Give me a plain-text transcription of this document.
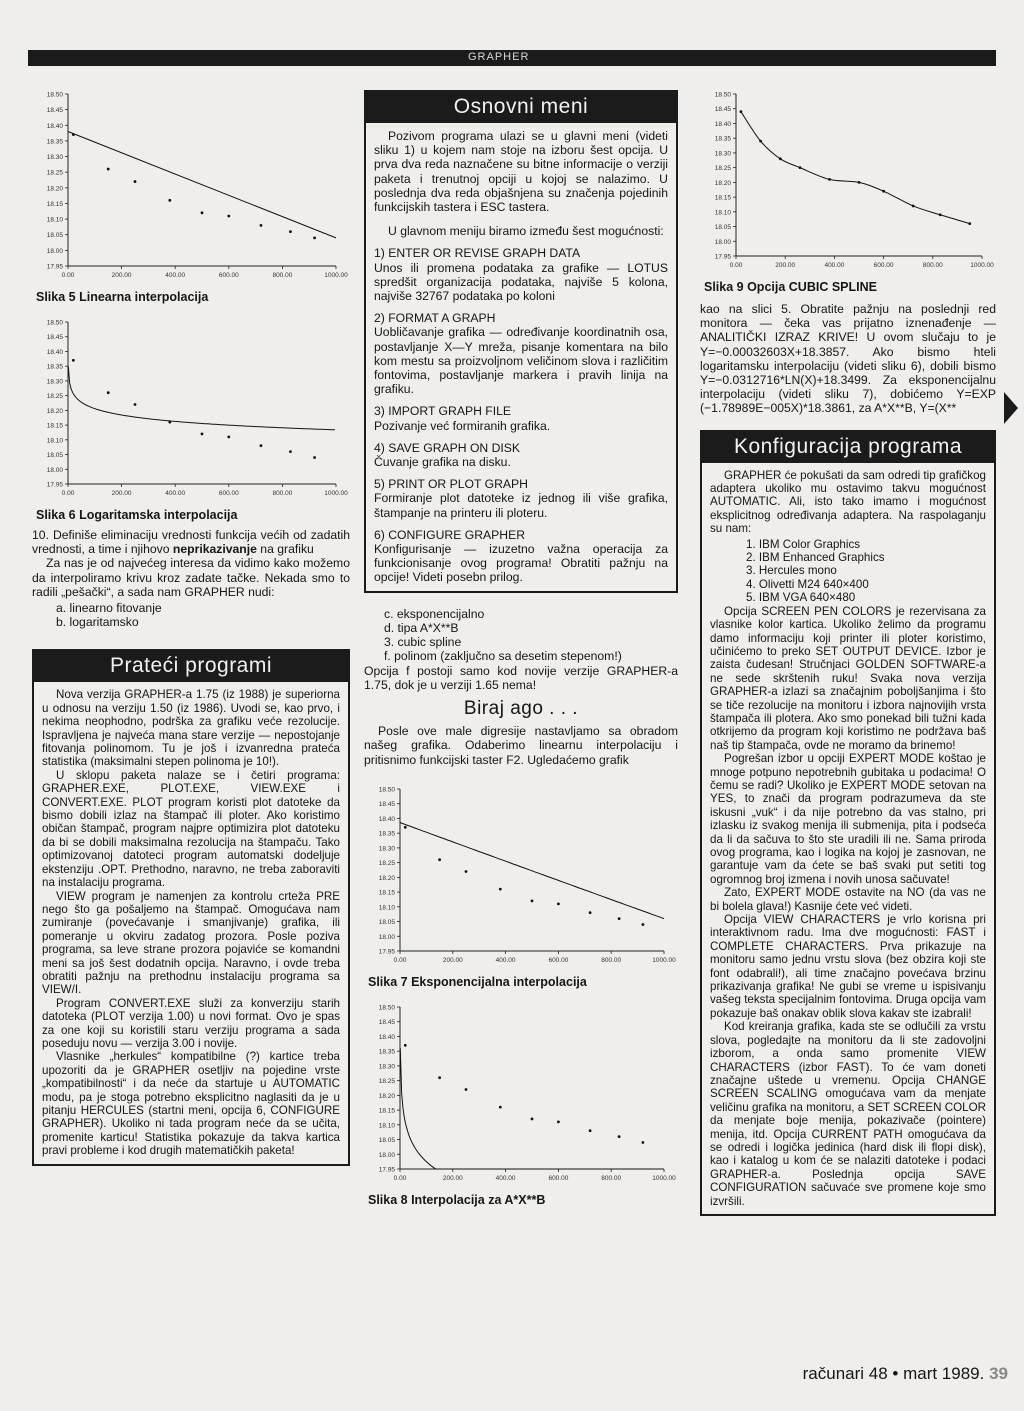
GRAPHER
18.50
18.45
18.40
18.35
18.30
18.25
18.20
18.15
18.10
18.05
18.00
17.95
0.00	200.00	400.00	600.00	800.00	1000.00
Slika 5 Linearna interpolacija
18.50
18.45
18.40
18.35
18.30
18.25
18.20
18.15
18.10
18.05
18.00
17.95
0.00	200.00	400.00	600.00	800.00	1000.00
Slika 6 Logaritamska interpolacija

10. Definiše eliminaciju vrednosti funkcija većih od zadatih vrednosti, a time i njihovo neprikazivanje na grafiku

Za nas je od najvećeg interesa da vidimo kako možemo da interpoliramo krivu kroz zadate tačke. Nekada smo to radili „pešački“, a sada nam GRAPHER nudi:

a. linearno fitovanje
b. logaritamsko
Prateći programi

Nova verzija GRAPHER-a 1.75 (iz 1988) je superiorna u odnosu na verziju 1.50 (iz 1986). Uvodi se, kao prvo, i nekima neophodno, podrška za grafiku veće rezolucije. Ispravljena je najveća mana stare verzije — nepostojanje fitovanja polinomom. Tu je još i izvanredna prateća statistika (maksimalni stepen polinoma je 10!).

U sklopu paketa nalaze se i četiri programa: GRAPHER.EXE, PLOT.EXE, VIEW.EXE i CONVERT.EXE. PLOT program koristi plot datoteke da bismo dobili izlaz na štampač ili ploter. Ako koristimo običan štampač, program najpre optimizira plot datoteku da bi se dobili maksimalna rezolucija na štampaču. Tako optimizovanoj datoteci program automatski dodeljuje ekstenziju .OPT. Prethodno, naravno, ne treba zaboraviti na instalaciju programa.

VIEW program je namenjen za kontrolu crteža PRE nego što ga pošaljemo na štampač. Omogućava nam zumiranje (povećavanje i smanjivanje) grafika, ili pomeranje u okviru zadatog prozora. Posle poziva programa, sa leve strane prozora pojaviće se komandni meni sa još šest dodatnih opcija. Naravno, i ovde treba obratiti pažnju na prethodnu instalaciju programa sa VIEW/I.

Program CONVERT.EXE služi za konverziju starih datoteka (PLOT verzija 1.00) u novi format. Ovo je spas za one koji su koristili staru verziju programa a sada poseduju novu — verzija 3.00 i novije.

Vlasnike „herkules“ kompatibilne (?) kartice treba upozoriti da je GRAPHER osetljiv na pojedine vrste „kompatibilnosti“ i da neće da startuje u AUTOMATIC modu, pa je stoga potrebno eksplicitno naglasiti da je u pitanju HERCULES (startni meni, opcija 6, CONFIGURE GRAPHER). Ukoliko ni tada program neće da se učita, promenite karticu! Statistika pokazuje da takva kartica pravi probleme i kod drugih matematičkih paketa!

Osnovni meni

Pozivom programa ulazi se u glavni meni (videti sliku 1) u kojem nam stoje na izboru šest opcija. U prva dva reda naznačene su bitne informacije o verziji paketa i trenutnoj opciji u kojoj se nalazimo. U poslednja dva reda objašnjena su značenja pojedinih funkcijskih tastera i ESC tastera.

U glavnom meniju biramo između šest mogućnosti:

1) ENTER OR REVISE GRAPH DATA
Unos ili promena podataka za grafike — LOTUS spredšit organizacija podataka, najviše 5 kolona, najviše 32767 podataka po koloni
2) FORMAT A GRAPH
Uobličavanje grafika — određivanje koordinatnih osa, postavljanje X—Y mreža, pisanje komentara na bilo kom mestu sa proizvoljnom veličinom slova i različitim fontovima, postavljanje markera i pravih linija na grafiku.
3) IMPORT GRAPH FILE
Pozivanje već formiranih grafika.
4) SAVE GRAPH ON DISK
Čuvanje grafika na disku.
5) PRINT OR PLOT GRAPH
Formiranje plot datoteke iz jednog ili više grafika, štampanje na printeru ili ploteru.
6) CONFIGURE GRAPHER
Konfigurisanje — izuzetno važna operacija za funkcionisanje ovog programa! Obratiti pažnju na opcije! Videti posebn prilog.
c. eksponencijalno
d. tipa A*X**B
3. cubic spline
f. polinom (zaključno sa desetim stepenom!)

Opcija f postoji samo kod novije verzije GRAPHER-a 1.75, dok je u verziji 1.65 nema!

Biraj ago . . .

Posle ove male digresije nastavljamo sa obradom našeg grafika. Odaberimo linearnu interpolaciju i pritisnimo funkcijski taster F2. Ugledaćemo grafik

18.50
18.45
18.40
18.35
18.30
18.25
18.20
18.15
18.10
18.05
18.00
17.95
0.00	200.00	400.00	600.00	800.00	1000.00
Slika 7 Eksponencijalna interpolacija
18.50
18.45
18.40
18.35
18.30
18.25
18.20
18.15
18.10
18.05
18.00
17.95
0.00	200.00	400.00	600.00	800.00	1000.00
Slika 8 Interpolacija za A*X**B
18.50
18.45
18.40
18.35
18.30
18.25
18.20
18.15
18.10
18.05
18.00
17.95
0.00	200.00	400.00	600.00	800.00	1000.00
Slika 9 Opcija CUBIC SPLINE

kao na slici 5. Obratite pažnju na poslednji red monitora — čeka vas prijatno iznenađenje — ANALITIČKI IZRAZ KRIVE! U ovom slučaju to je Y=−0.00032603X+18.3857. Ako bismo hteli logaritamsku interpolaciju (videti sliku 6), dobili bismo Y=−0.0312716*LN(X)+18.3499. Za eksponencijalnu interpolaciju (videti sliku 7), dobićemo Y=EXP (−1.78989E−005X)*18.3861, za A*X**B, Y=(X**

Konfiguracija programa

GRAPHER će pokušati da sam odredi tip grafičkog adaptera ukoliko mu ostavimo takvu mogućnost AUTOMATIC. Ali, isto tako imamo i mogućnost eksplicitnog određivanja adaptera. Na raspolaganju su nam:

1. IBM Color Graphics
2. IBM Enhanced Graphics
3. Hercules mono
4. Olivetti M24 640×400
5. IBM VGA 640×480

Opcija SCREEN PEN COLORS je rezervisana za vlasnike kolor kartica. Ukoliko želimo da programu damo informaciju koji printer ili ploter koristimo, učinićemo to preko SET OUTPUT DEVICE. Izbor je zaista čudesan! Stručnjaci GOLDEN SOFTWARE-a ne sede skrštenih ruku! Svaka nova verzija GRAPHER-a izlazi sa značajnim poboljšanjima i što se tiče rezolucije na monitoru i izbora najnovijih vrsta štampača ili plotera. Ako smo ponekad bili tužni kada otkrijemo da program koji koristimo ne podržava baš naš tip štampača, ovde ne moramo da brinemo!

Pogrešan izbor u opciji EXPERT MODE koštao je mnoge potpuno nepotrebnih gubitaka u podacima! O čemu se radi? Ukoliko je EXPERT MODE setovan na YES, to znači da program podrazumeva da ste iskusni „vuk“ i da nije potrebno da vas stalno, pri izlasku iz svakog menija ili submenija, pita i podseća da li da sačuva to što ste uradili ili ne. Sama priroda ovog programa, kao i logika na kojoj je zasnovan, ne garantuje vam da ćete se baš svaki put setiti tog ogromnog broj izmena i novih unosa sačuvate!

Zato, EXPERT MODE ostavite na NO (da vas ne bi bolela glava!) Kasnije ćete već videti.

Opcija VIEW CHARACTERS je vrlo korisna pri interaktivnom radu. Ima dve mogućnosti: FAST i COMPLETE CHARACTERS. Prva prikazuje na monitoru samo jednu vrstu slova (bez obzira koji ste font odabrali!), ali time značajno povećava brzinu prikazivanja grafika! Ne gubi se vreme u ispisivanju vašeg teksta specijalnim fontovima. Druga opcija vam pokazuje baš onakav oblik slova kakav ste izabrali!

Kod kreiranja grafika, kada ste se odlučili za vrstu slova, pogledajte na monitoru da li ste zadovoljni izborom, a onda samo promenite VIEW CHARACTERS (izbor FAST). To će vam doneti značajne uštede u vremenu. Opcija CHANGE SCREEN SCALING omogućava vam da menjate veličinu grafika na monitoru, a SET SCREEN COLOR da menjate boje menija, pokazivače (pointere) menija, itd. Opcija CURRENT PATH omogućava da se odredi i logička jedinica (hard disk ili flopi disk), kao i katalog u kom će se nalaziti datoteke i podaci GRAPHER-a. Poslednja opcija SAVE CONFIGURATION sačuvaće sve promene koje smo izvršili.

računari 48 • mart 1989. 39
